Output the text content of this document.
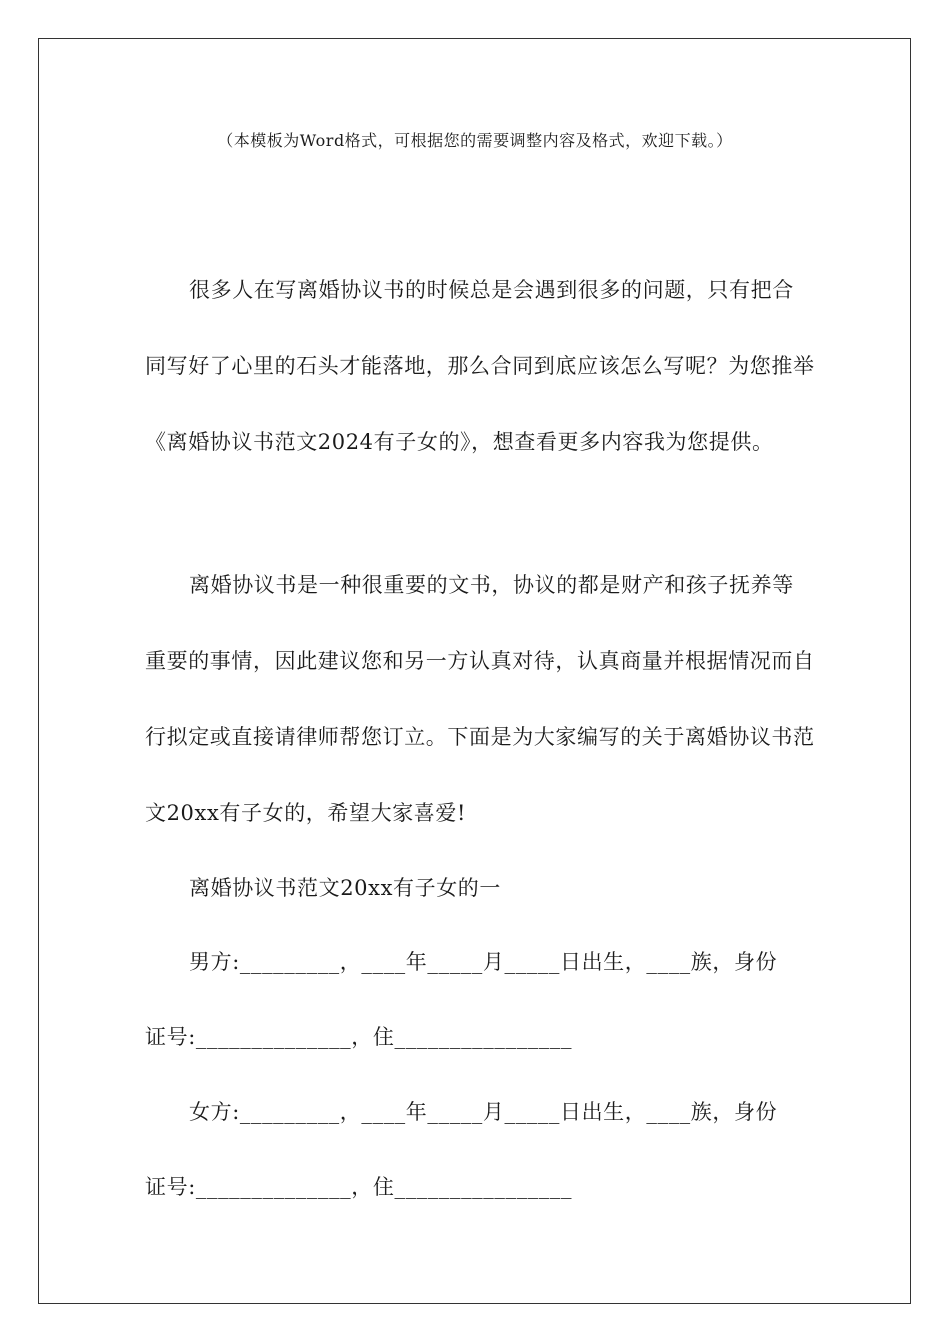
（本模板为Word格式，可根据您的需要调整内容及格式，欢迎下载。）
很多人在写离婚协议书的时候总是会遇到很多的问题，只有把合同写好了心里的石头才能落地，那么合同到底应该怎么写呢？为您推举《离婚协议书范文2024有子女的》，想查看更多内容我为您提供。
离婚协议书是一种很重要的文书，协议的都是财产和孩子抚养等重要的事情，因此建议您和另一方认真对待，认真商量并根据情况而自行拟定或直接请律师帮您订立。下面是为大家编写的关于离婚协议书范文20xx有子女的，希望大家喜爱!
离婚协议书范文20xx有子女的一
男方:_________，____年_____月_____日出生，____族，身份
证号:______________，住________________
女方:_________，____年_____月_____日出生，____族，身份
证号:______________，住________________
